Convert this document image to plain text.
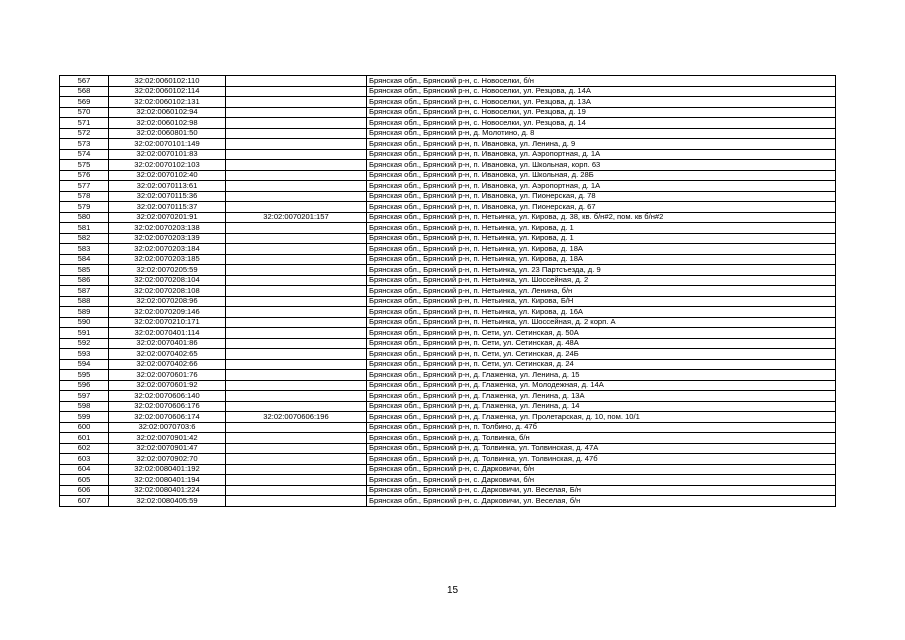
567	32:02:0060102:110		Брянская обл., Брянский р-н, с. Новоселки, б/н
568	32:02:0060102:114		Брянская обл., Брянский р-н, с. Новоселки, ул. Резцова, д. 14А
569	32:02:0060102:131		Брянская обл., Брянский р-н, с. Новоселки, ул. Резцова, д. 13А
570	32:02:0060102:94		Брянская обл., Брянский р-н, с. Новоселки, ул. Резцова, д. 19
571	32:02:0060102:98		Брянская обл., Брянский р-н, с. Новоселки, ул. Резцова, д. 14
572	32:02:0060801:50		Брянская обл., Брянский р-н, д. Молотино, д. 8
573	32:02:0070101:149		Брянская обл., Брянский р-н, п. Ивановка, ул. Ленина, д. 9
574	32:02:0070101:83		Брянская обл., Брянский р-н, п. Ивановка, ул. Аэропортная, д. 1А
575	32:02:0070102:103		Брянская обл., Брянский р-н, п. Ивановка, ул. Школьная, корп. 63
576	32:02:0070102:40		Брянская обл., Брянский р-н, п. Ивановка, ул. Школьная, д. 28Б
577	32:02:0070113:61		Брянская обл., Брянский р-н, п. Ивановка, ул. Аэропортная, д. 1А
578	32:02:0070115:36		Брянская обл., Брянский р-н, п. Ивановка, ул. Пионерская, д. 78
579	32:02:0070115:37		Брянская обл., Брянский р-н, п. Ивановка, ул. Пионерская, д. 67
580	32:02:0070201:91	32:02:0070201:157	Брянская обл., Брянский р-н, п. Нетьинка, ул. Кирова, д. 38, кв. б/н#2, пом. кв б/н#2
581	32:02:0070203:138		Брянская обл., Брянский р-н, п. Нетьинка, ул. Кирова, д. 1
582	32:02:0070203:139		Брянская обл., Брянский р-н, п. Нетьинка, ул. Кирова, д. 1
583	32:02:0070203:184		Брянская обл., Брянский р-н, п. Нетьинка, ул. Кирова, д. 18А
584	32:02:0070203:185		Брянская обл., Брянский р-н, п. Нетьинка, ул. Кирова, д. 18А
585	32:02:0070205:59		Брянская обл., Брянский р-н, п. Нетьинка, ул. 23 Партсъезда, д. 9
586	32:02:0070208:104		Брянская обл., Брянский р-н, п. Нетьинка, ул. Шоссейная, д. 2
587	32:02:0070208:108		Брянская обл., Брянский р-н, п. Нетьинка, ул. Ленина, б/н
588	32:02:0070208:96		Брянская обл., Брянский р-н, п. Нетьинка, ул. Кирова, Б/Н
589	32:02:0070209:146		Брянская обл., Брянский р-н, п. Нетьинка, ул. Кирова, д. 16А
590	32:02:0070210:171		Брянская обл., Брянский р-н, п. Нетьинка, ул. Шоссейная, д. 2 корп. А
591	32:02:0070401:114		Брянская обл., Брянский р-н, п. Сети, ул. Сетинская, д. 50А
592	32:02:0070401:86		Брянская обл., Брянский р-н, п. Сети, ул. Сетинская, д. 48А
593	32:02:0070402:65		Брянская обл., Брянский р-н, п. Сети, ул. Сетинская, д. 24Б
594	32:02:0070402:66		Брянская обл., Брянский р-н, п. Сети, ул. Сетинская, д. 24
595	32:02:0070601:76		Брянская обл., Брянский р-н, д. Глаженка, ул. Ленина, д. 15
596	32:02:0070601:92		Брянская обл., Брянский р-н, д. Глаженка, ул. Молодежная, д. 14А
597	32:02:0070606:140		Брянская обл., Брянский р-н, д. Глаженка, ул. Ленина, д. 13А
598	32:02:0070606:176		Брянская обл., Брянский р-н, д. Глаженка, ул. Ленина, д. 14
599	32:02:0070606:174	32:02:0070606:196	Брянская обл., Брянский р-н, д. Глаженка, ул. Пролетарская, д. 10, пом. 10/1
600	32:02:0070703:6		Брянская обл., Брянский р-н, п. Толбино, д. 47б
601	32:02:0070901:42		Брянская обл., Брянский р-н, д. Толвинка, б/н
602	32:02:0070901:47		Брянская обл., Брянский р-н, д. Толвинка, ул. Толвинская, д. 47А
603	32:02:0070902:70		Брянская обл., Брянский р-н, д. Толвинка, ул. Толвинская, д. 47б
604	32:02:0080401:192		Брянская обл., Брянский р-н, с. Дарковичи, б/н
605	32:02:0080401:194		Брянская обл., Брянский р-н, с. Дарковичи, б/н
606	32:02:0080401:224		Брянская обл., Брянский р-н, с. Дарковичи, ул. Веселая, Б/н
607	32:02:0080405:59		Брянская обл., Брянский р-н, с. Дарковичи, ул. Веселая, б/н
15
